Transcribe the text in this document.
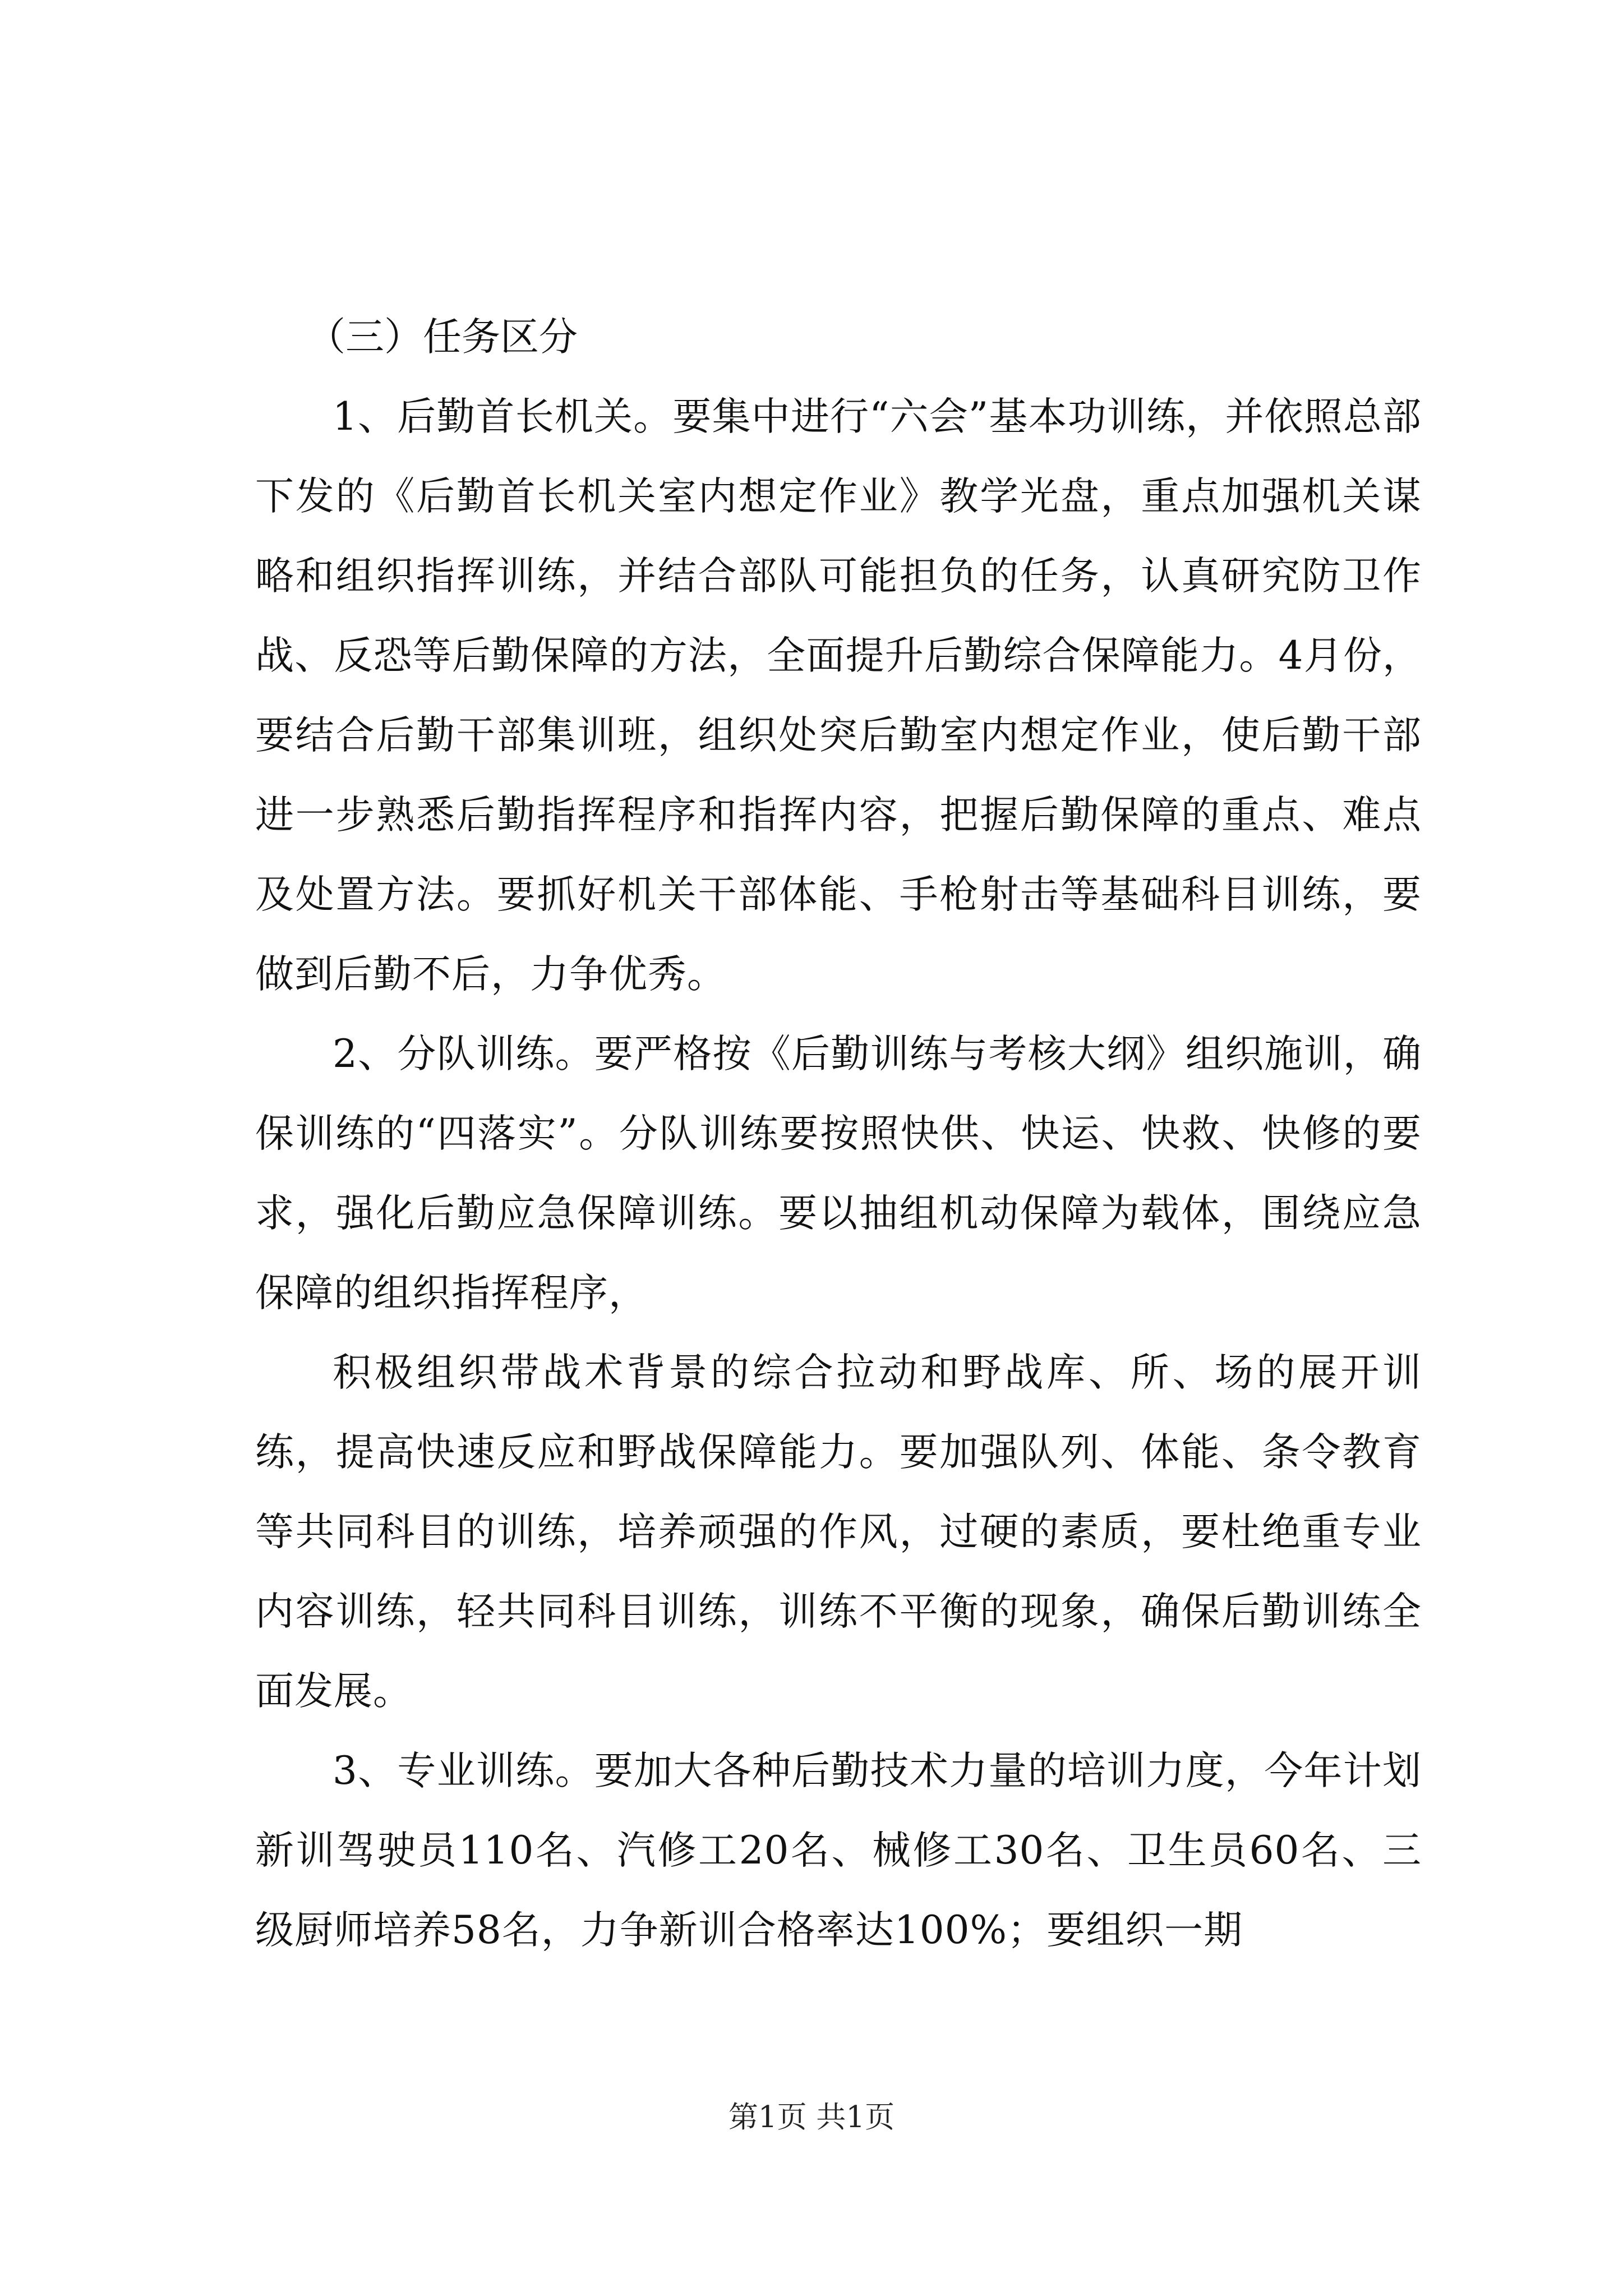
（三）任务区分

1、后勤首长机关。要集中进行“六会”基本功训练，并依照总部下发的《后勤首长机关室内想定作业》教学光盘，重点加强机关谋略和组织指挥训练，并结合部队可能担负的任务，认真研究防卫作战、反恐等后勤保障的方法，全面提升后勤综合保障能力。4月份，要结合后勤干部集训班，组织处突后勤室内想定作业，使后勤干部进一步熟悉后勤指挥程序和指挥内容，把握后勤保障的重点、难点及处置方法。要抓好机关干部体能、手枪射击等基础科目训练，要做到后勤不后，力争优秀。

2、分队训练。要严格按《后勤训练与考核大纲》组织施训，确保训练的“四落实”。分队训练要按照快供、快运、快救、快修的要求，强化后勤应急保障训练。要以抽组机动保障为载体，围绕应急保障的组织指挥程序，

积极组织带战术背景的综合拉动和野战库、所、场的展开训练，提高快速反应和野战保障能力。要加强队列、体能、条令教育等共同科目的训练，培养顽强的作风，过硬的素质，要杜绝重专业内容训练，轻共同科目训练，训练不平衡的现象，确保后勤训练全面发展。

3、专业训练。要加大各种后勤技术力量的培训力度，今年计划新训驾驶员110名、汽修工20名、械修工30名、卫生员60名、三级厨师培养58名，力争新训合格率达100%；要组织一期

第1页 共1页
